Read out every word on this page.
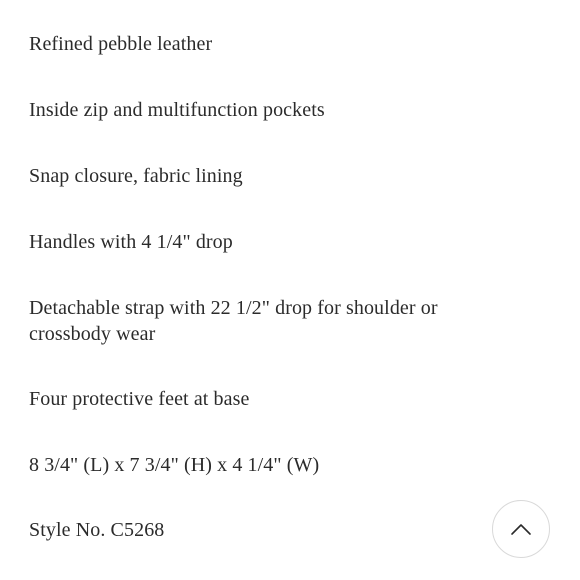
Refined pebble leather
Inside zip and multifunction pockets
Snap closure, fabric lining
Handles with 4 1/4" drop
Detachable strap with 22 1/2" drop for shoulder or crossbody wear
Four protective feet at base
8 3/4" (L) x 7 3/4" (H) x 4 1/4" (W)
Style No. C5268
